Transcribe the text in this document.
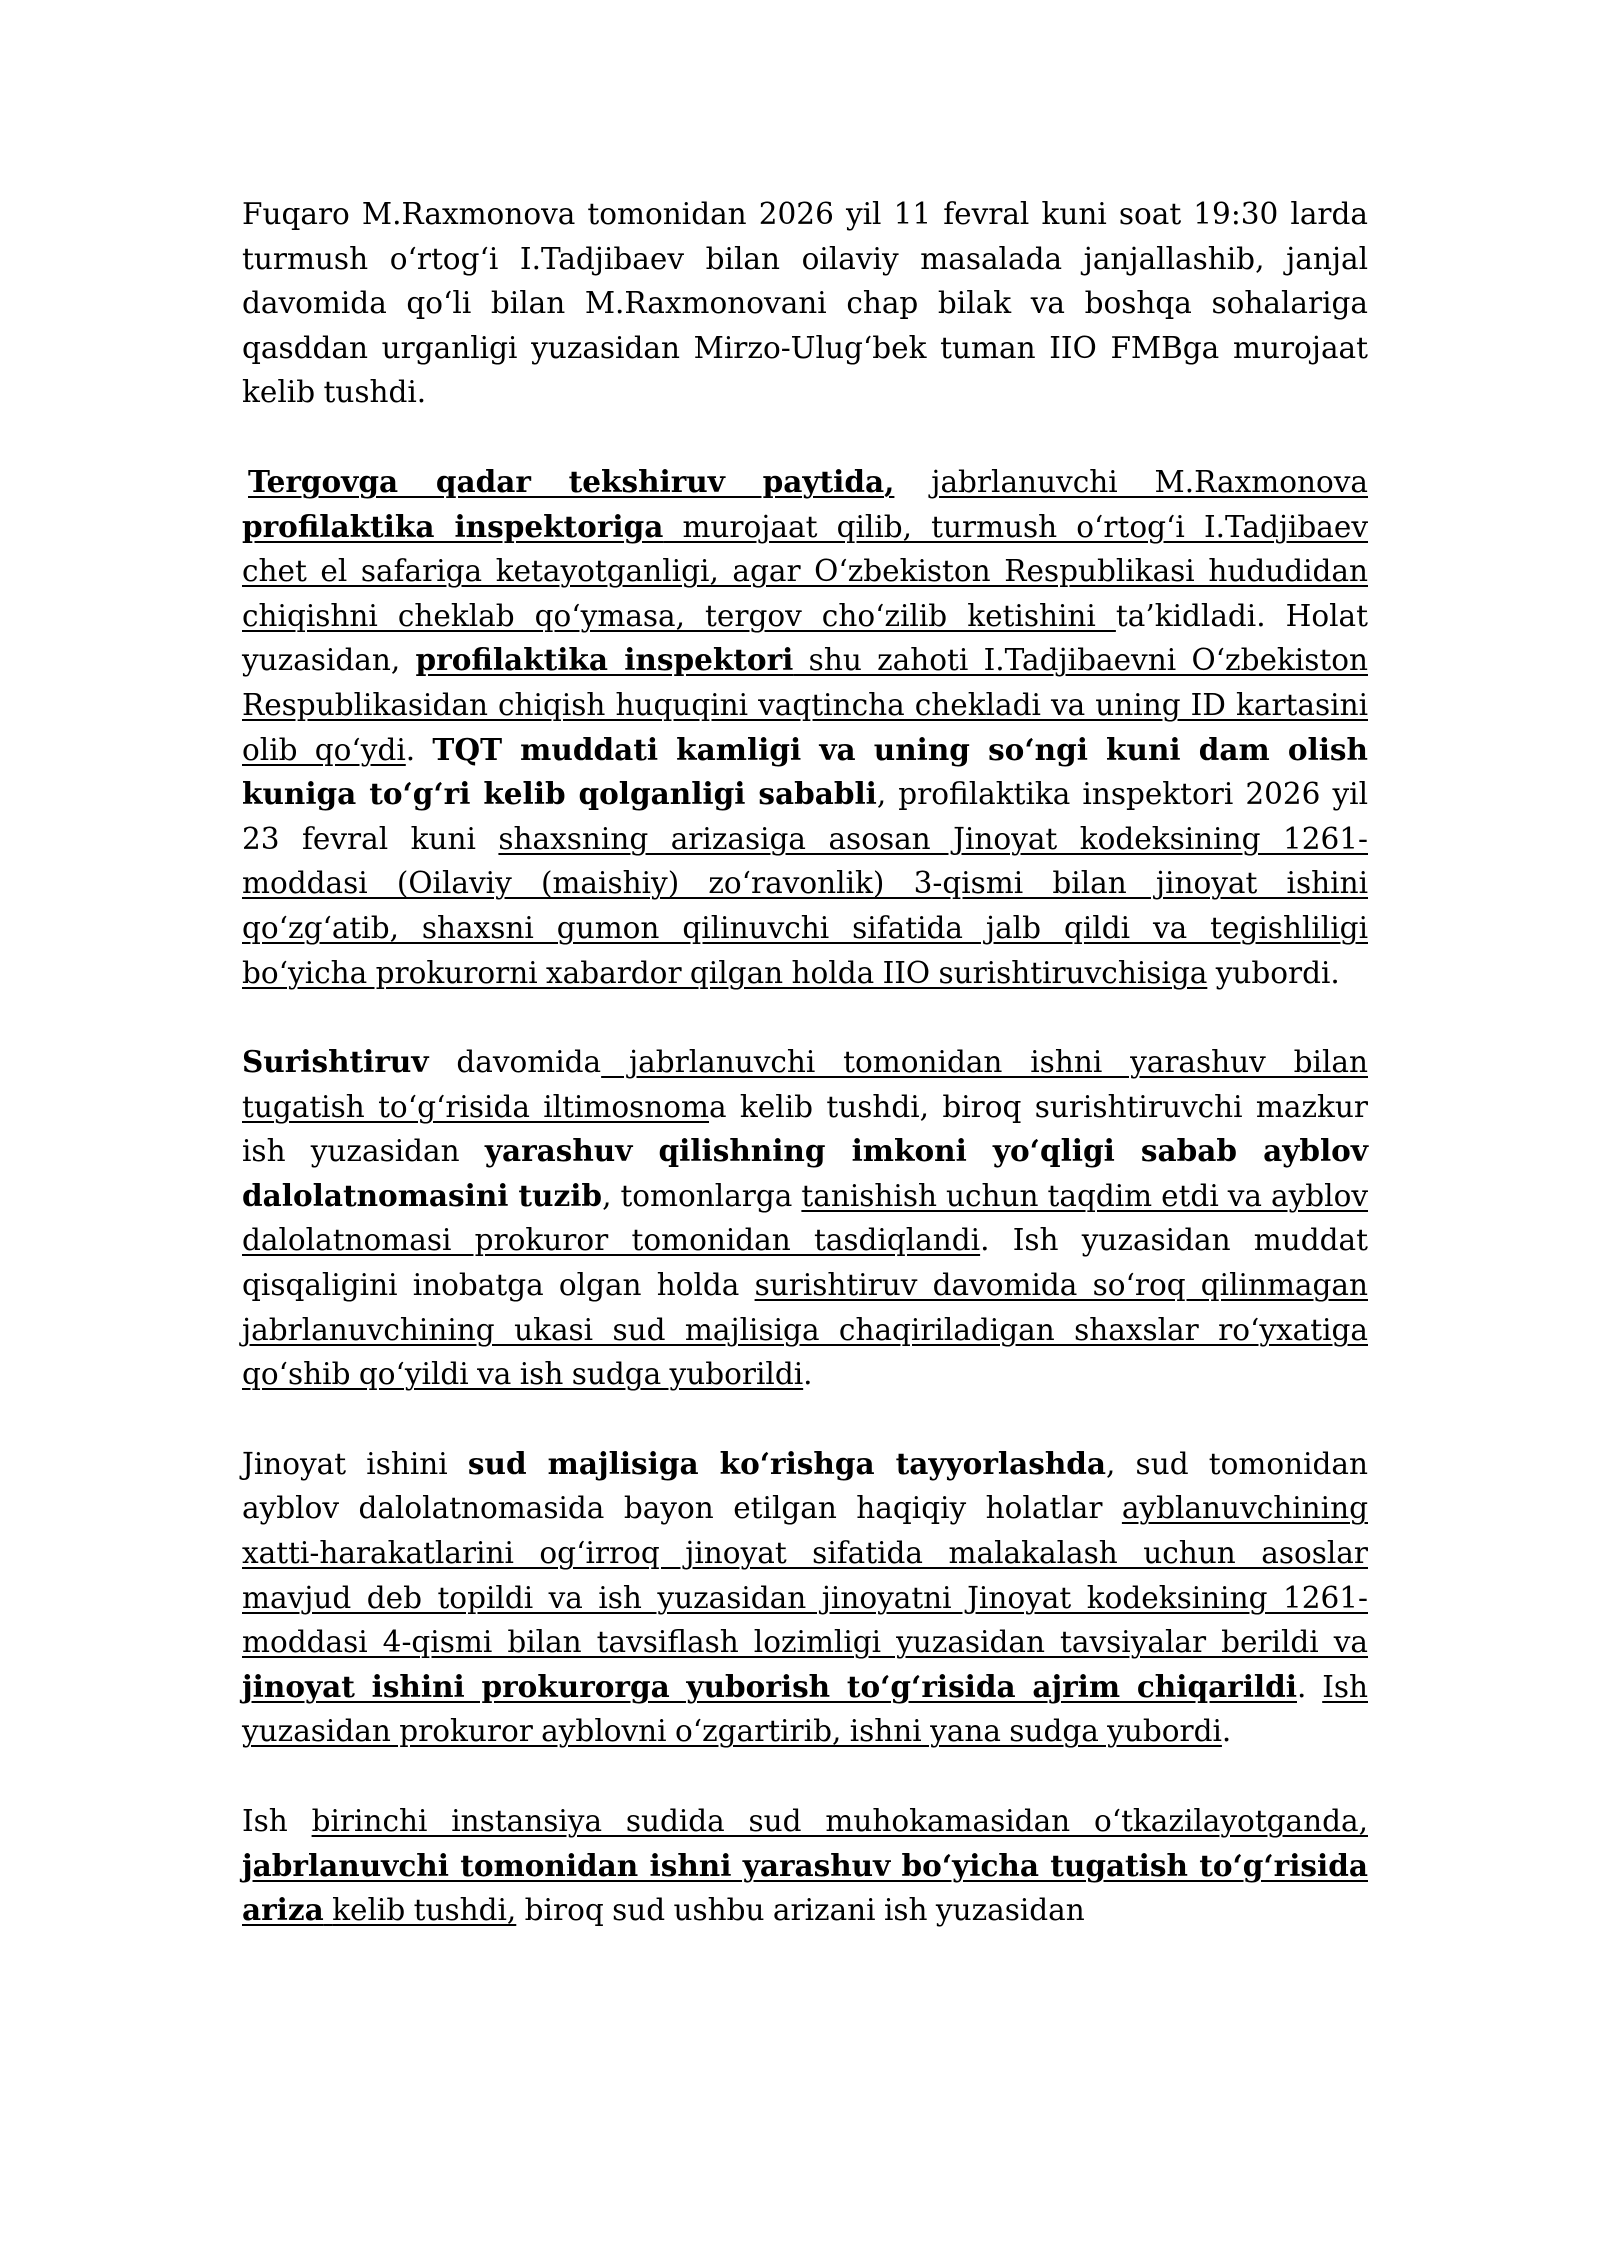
Fuqaro M.Raxmonova tomonidan 2026 yil 11 fevral kuni soat 19:30 larda turmush oʻrtogʻi I.Tadjibaev bilan oilaviy masalada janjallashib, janjal davomida qoʻli bilan M.Raxmonovani chap bilak va boshqa sohalariga qasddan urganligi yuzasidan Mirzo-Ulugʻbek tuman IIO FMBga murojaat kelib tushdi.

Tergovga qadar tekshiruv paytida, jabrlanuvchi M.Raxmonova profilaktika inspektoriga murojaat qilib, turmush oʻrtogʻi I.Tadjibaev chet el safariga ketayotganligi, agar Oʻzbekiston Respublikasi hududidan chiqishni cheklab qoʻymasa, tergov choʻzilib ketishini ta’kidladi. Holat yuzasidan, profilaktika inspektori shu zahoti I.Tadjibaevni Oʻzbekiston Respublikasidan chiqish huquqini vaqtincha chekladi va uning ID kartasini olib qoʻydi. TQT muddati kamligi va uning soʻngi kuni dam olish kuniga toʻgʻri kelib qolganligi sababli, profilaktika inspektori 2026 yil 23 fevral kuni shaxsning arizasiga asosan Jinoyat kodeksining 1261-moddasi (Oilaviy (maishiy) zoʻravonlik) 3-qismi bilan jinoyat ishini qoʻzgʻatib, shaxsni gumon qilinuvchi sifatida jalb qildi va tegishliligi boʻyicha prokurorni xabardor qilgan holda IIO surishtiruvchisiga yubordi.

Surishtiruv davomida jabrlanuvchi tomonidan ishni yarashuv bilan tugatish toʻgʻrisida iltimosnoma kelib tushdi, biroq surishtiruvchi mazkur ish yuzasidan yarashuv qilishning imkoni yoʻqligi sabab ayblov dalolatnomasini tuzib, tomonlarga tanishish uchun taqdim etdi va ayblov dalolatnomasi prokuror tomonidan tasdiqlandi. Ish yuzasidan muddat qisqaligini inobatga olgan holda surishtiruv davomida soʻroq qilinmagan jabrlanuvchining ukasi sud majlisiga chaqiriladigan shaxslar roʻyxatiga qoʻshib qoʻyildi va ish sudga yuborildi.

Jinoyat ishini sud majlisiga koʻrishga tayyorlashda, sud tomonidan ayblov dalolatnomasida bayon etilgan haqiqiy holatlar ayblanuvchining xatti-harakatlarini ogʻirroq jinoyat sifatida malakalash uchun asoslar mavjud deb topildi va ish yuzasidan jinoyatni Jinoyat kodeksining 1261-moddasi 4-qismi bilan tavsiflash lozimligi yuzasidan tavsiyalar berildi va jinoyat ishini prokurorga yuborish toʻgʻrisida ajrim chiqarildi. Ish yuzasidan prokuror ayblovni oʻzgartirib, ishni yana sudga yubordi.

Ish birinchi instansiya sudida sud muhokamasidan oʻtkazilayotganda, jabrlanuvchi tomonidan ishni yarashuv boʻyicha tugatish toʻgʻrisida ariza kelib tushdi, biroq sud ushbu arizani ish yuzasidan
